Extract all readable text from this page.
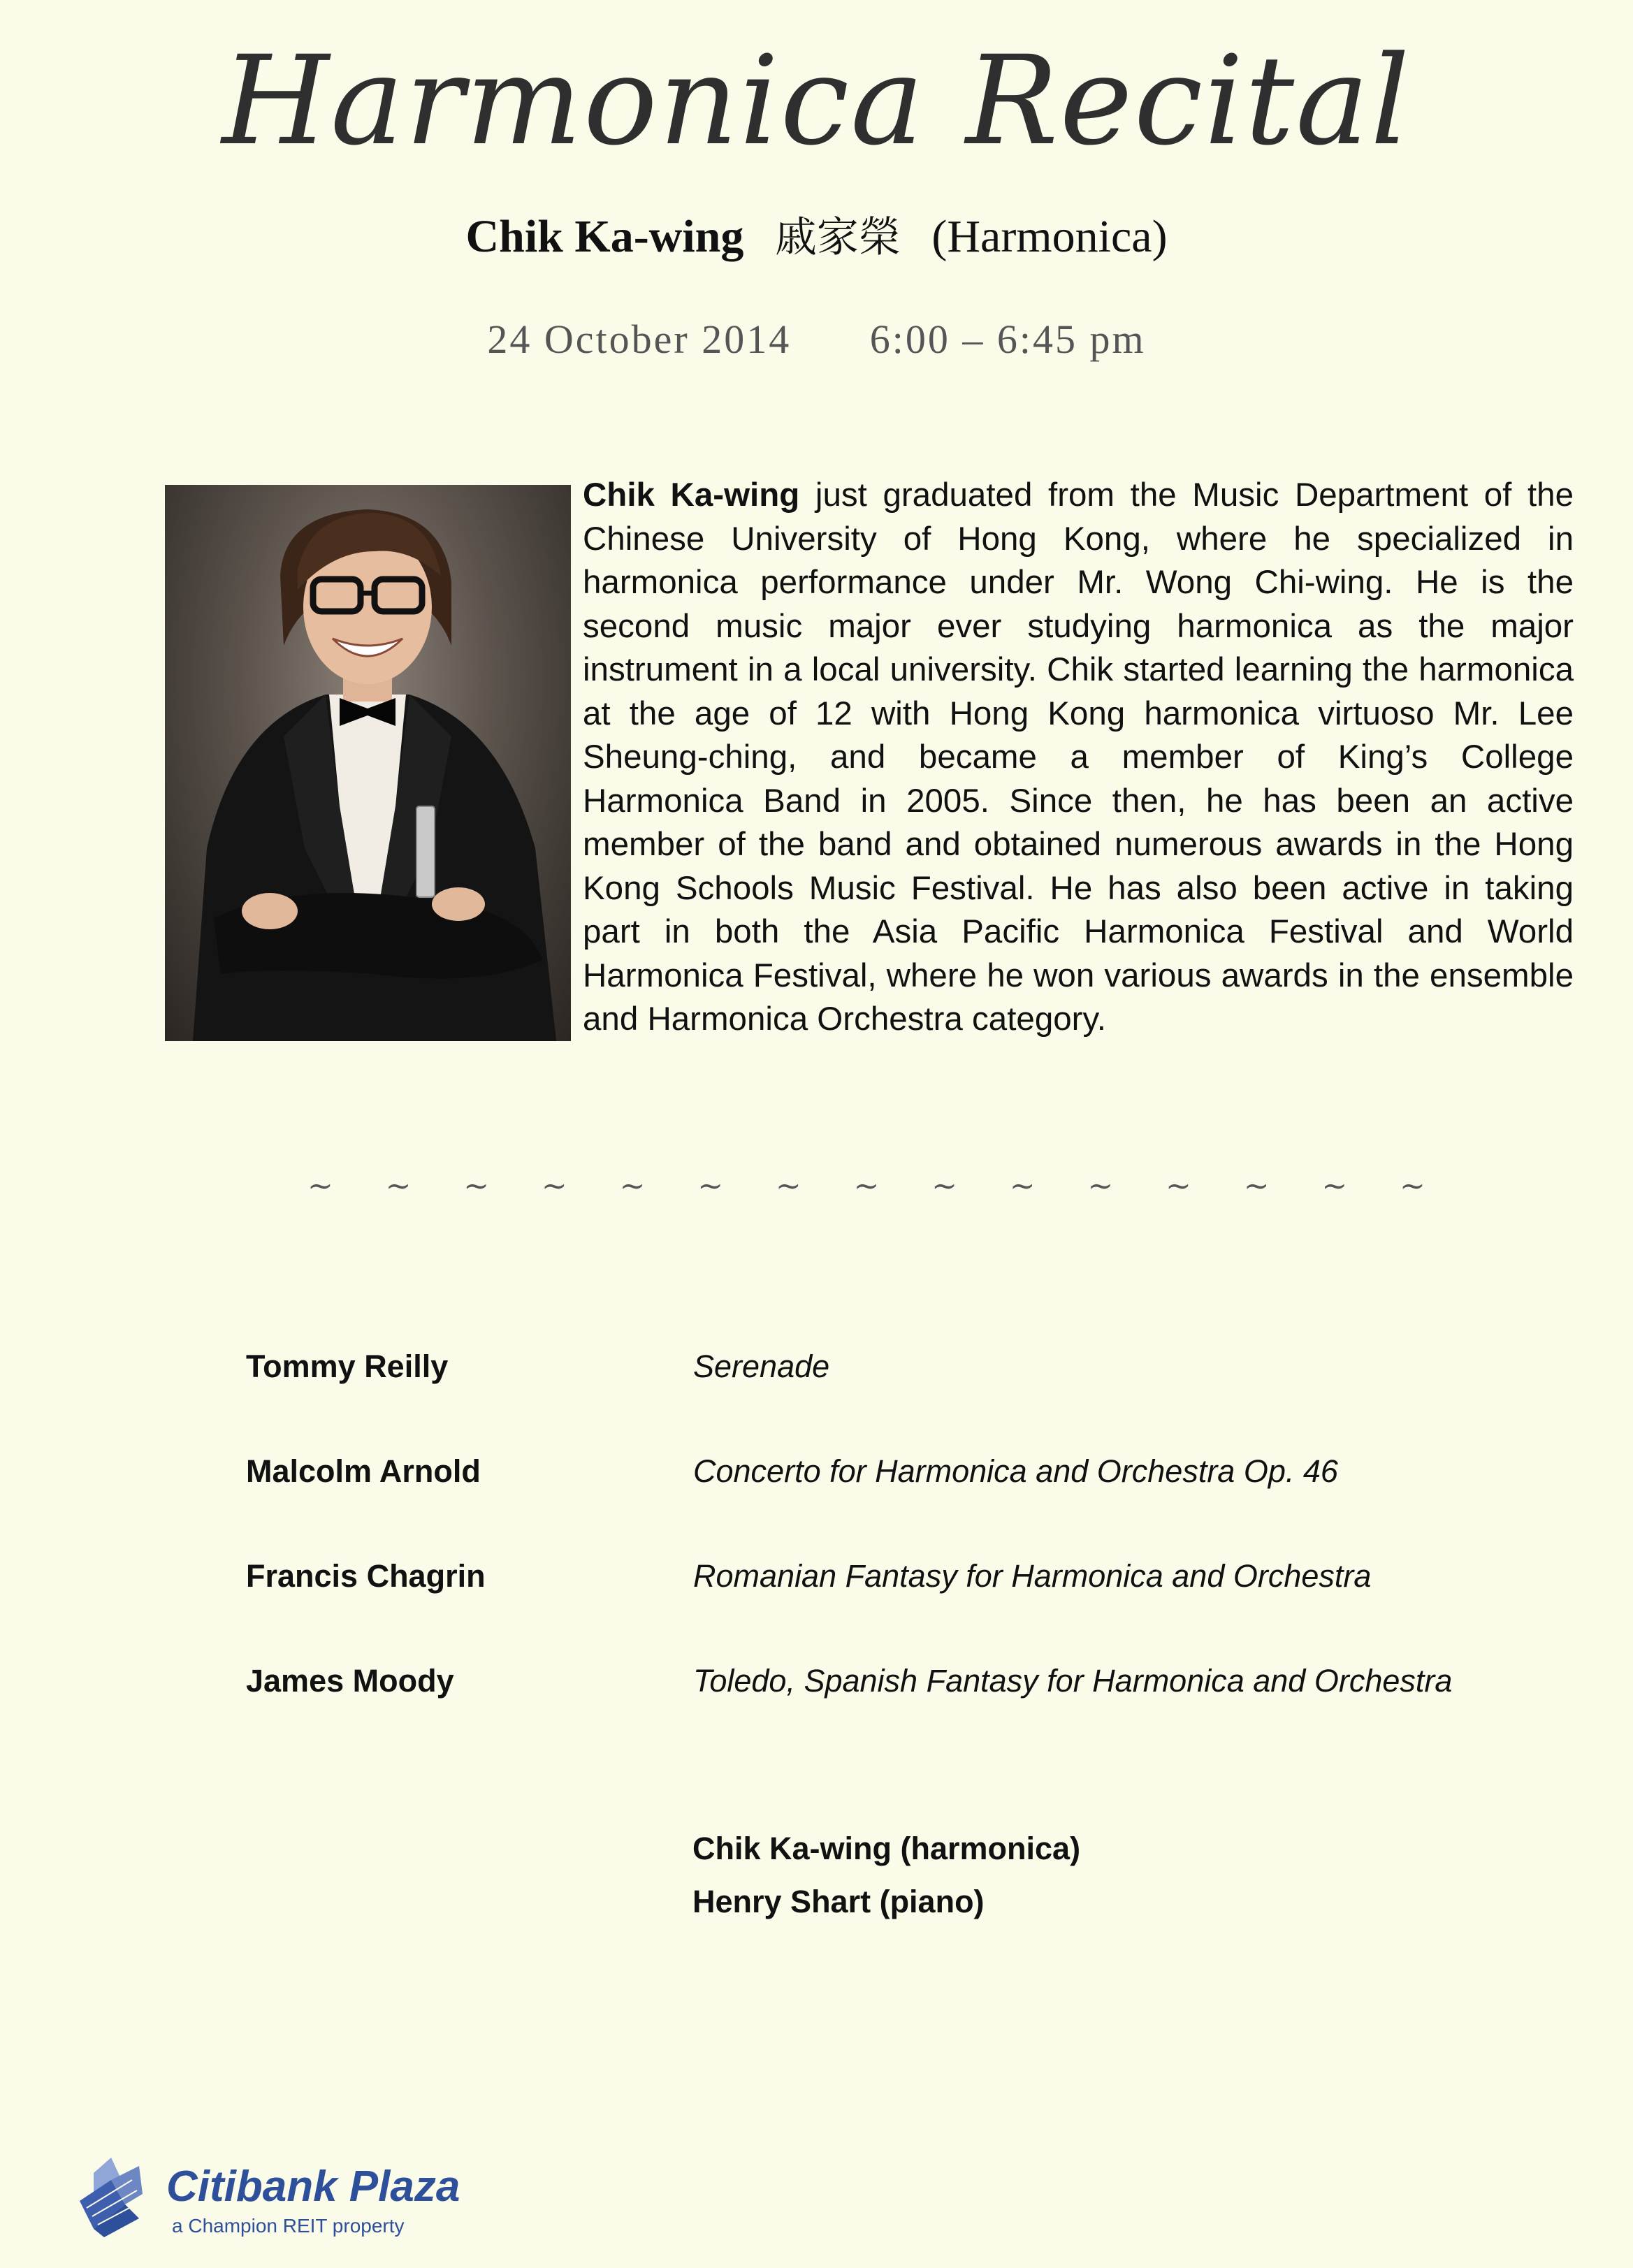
Harmonica Recital
Chik Ka-wing 戚家榮 (Harmonica)
24 October 2014 6:00 – 6:45 pm
Chik Ka-wing just graduated from the Music Department of the Chinese University of Hong Kong, where he specialized in harmonica performance under Mr. Wong Chi-wing. He is the second music major ever studying harmonica as the major instrument in a local university. Chik started learning the harmonica at the age of 12 with Hong Kong harmonica virtuoso Mr. Lee Sheung-ching, and became a member of King’s College Harmonica Band in 2005. Since then, he has been an active member of the band and obtained numerous awards in the Hong Kong Schools Music Festival. He has also been active in taking part in both the Asia Pacific Harmonica Festival and World Harmonica Festival, where he won various awards in the ensemble and Harmonica Orchestra category.
~ ~ ~ ~ ~ ~ ~ ~ ~ ~ ~ ~ ~ ~ ~
Tommy Reilly	Serenade
Malcolm Arnold	Concerto for Harmonica and Orchestra Op. 46
Francis Chagrin	Romanian Fantasy for Harmonica and Orchestra
James Moody	Toledo, Spanish Fantasy for Harmonica and Orchestra
Chik Ka-wing (harmonica)
Henry Shart (piano)
Citibank Plaza
a Champion REIT property
